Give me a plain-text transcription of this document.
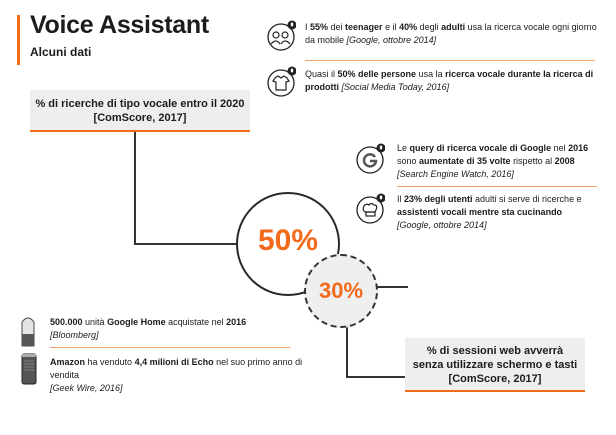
Voice Assistant
Alcuni dati
% di ricerche di tipo vocale entro il 2020
[ComScore, 2017]
% di sessioni web avverrà
senza utilizzare schermo e tasti
[ComScore, 2017]
50%
30%
I 55% dei teenager e il 40% degli adulti usa la ricerca vocale ogni giorno
da mobile [Google, ottobre 2014]
Quasi il 50% delle persone usa la ricerca vocale durante la ricerca di
prodotti [Social Media Today, 2016]
Le query di ricerca vocale di Google nel 2016
sono aumentate di 35 volte rispetto al 2008
[Search Engine Watch, 2016]
Il 23% degli utenti adulti si serve di ricerche e
assistenti vocali mentre sta cucinando
[Google, ottobre 2014]
500.000 unità Google Home acquistate nel 2016
[Bloomberg]
Amazon ha venduto 4,4 milioni di Echo nel suo primo anno di vendita
[Geek Wire, 2016]
